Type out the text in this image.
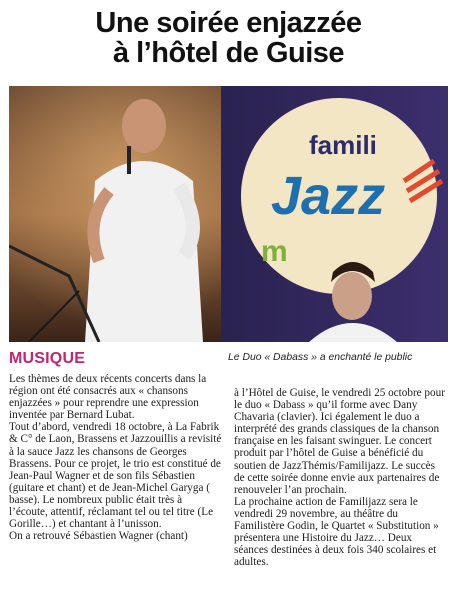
Une soirée enjazzée
à l’hôtel de Guise
famili
Jazz
m
MUSIQUE	Le Duo « Dabass » a enchanté le public

Les thèmes de deux récents concerts dans la région ont été consacrés aux « chansons enjazzées » pour reprendre une expression inventée par Bernard Lubat.

Tout d’abord, vendredi 18 octobre, à La Fabrik & C° de Laon, Brassens et Jazzouillis a revisité à la sauce Jazz les chansons de Georges Brassens. Pour ce projet, le trio est constitué de Jean-Paul Wagner et de son fils Sébastien (guitare et chant) et de Jean-Michel Garyga ( basse). Le nombreux public était très à l’écoute, attentif, réclamant tel ou tel titre (Le Gorille…) et chantant à l’unisson.

On a retrouvé Sébastien Wagner (chant)

à l’Hôtel de Guise, le vendredi 25 octobre pour le duo « Dabass » qu’il forme avec Dany Chavaria (clavier). Ici également le duo a interprété des grands classiques de la chanson française en les faisant swinguer. Le concert produit par l’hôtel de Guise a bénéficié du soutien de JazzThémis/Familijazz. Le succès de cette soirée donne envie aux partenaires de renouveler l’an prochain.

La prochaine action de Familijazz sera le vendredi 29 novembre, au théâtre du Familistère Godin, le Quartet « Substitution » présentera une Histoire du Jazz… Deux séances destinées à deux fois 340 scolaires et adultes.
